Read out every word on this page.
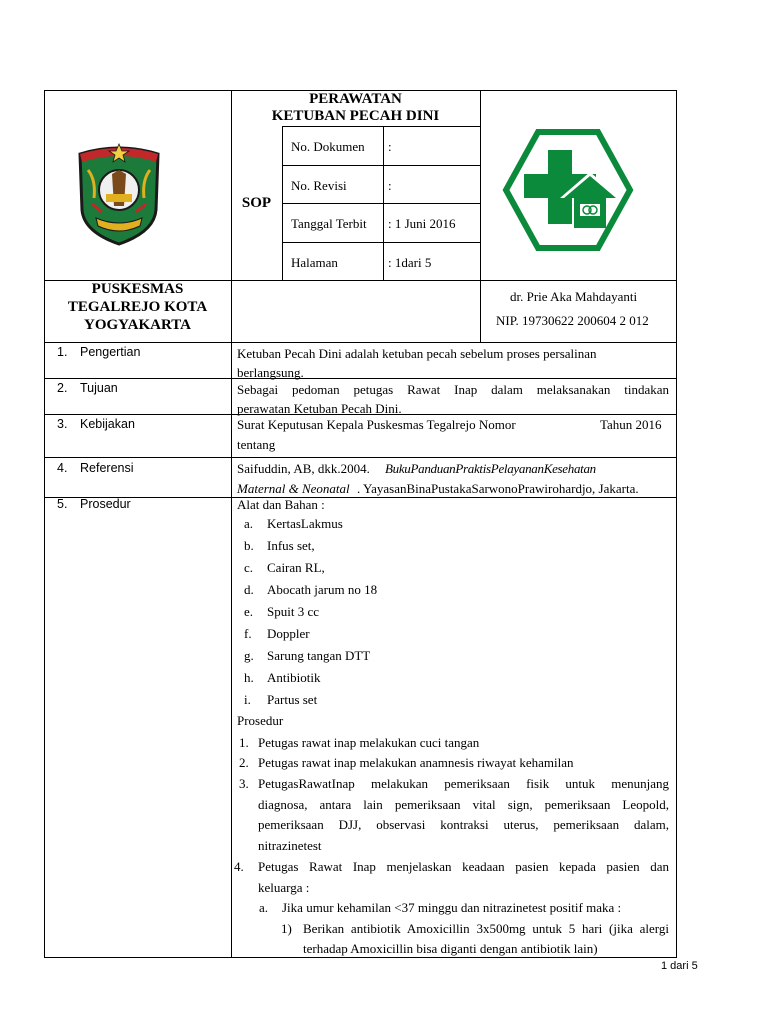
PERAWATAN
KETUBAN PECAH DINI
SOP
No. Dokumen :
No. Revisi	:
Tanggal Terbit : 1 Juni 2016
Halaman	: 1dari 5
PUSKESMAS
TEGALREJO KOTA
YOGYAKARTA
dr. Prie Aka Mahdayanti
NIP. 19730622 200604 2 012
1. Pengertian	Ketuban Pecah Dini adalah ketuban pecah sebelum proses persalinan
berlangsung.
2. Tujuan	Sebagai pedoman petugas Rawat Inap dalam melaksanakan tindakan
perawatan Ketuban Pecah Dini.
3. Kebijakan	Surat Keputusan Kepala Puskesmas Tegalrejo Nomor	Tahun 2016
tentang
4. Referensi	Saifuddin, AB, dkk.2004. BukuPanduanPraktisPelayananKesehatan
Maternal & Neonatal . YayasanBinaPustakaSarwonoPrawirohardjo, Jakarta.
5. Prosedur	Alat dan Bahan :
a. KertasLakmus
b. Infus set,
c. Cairan RL,
d. Abocath jarum no 18
e. Spuit 3 cc
f. Doppler
g. Sarung tangan DTT
h. Antibiotik
i. Partus set
Prosedur
1. Petugas rawat inap melakukan cuci tangan
2. Petugas rawat inap melakukan anamnesis riwayat kehamilan
3. PetugasRawatInap melakukan pemeriksaan fisik untuk menunjang
diagnosa, antara lain pemeriksaan vital sign, pemeriksaan Leopold,
pemeriksaan DJJ, observasi kontraksi uterus, pemeriksaan dalam,
nitrazinetest
4. Petugas Rawat Inap menjelaskan keadaan pasien kepada pasien dan
keluarga :
a. Jika umur kehamilan <37 minggu dan nitrazinetest positif maka :
1) Berikan antibiotik Amoxicillin 3x500mg untuk 5 hari (jika alergi
terhadap Amoxicillin bisa diganti dengan antibiotik lain)
1 dari 5
